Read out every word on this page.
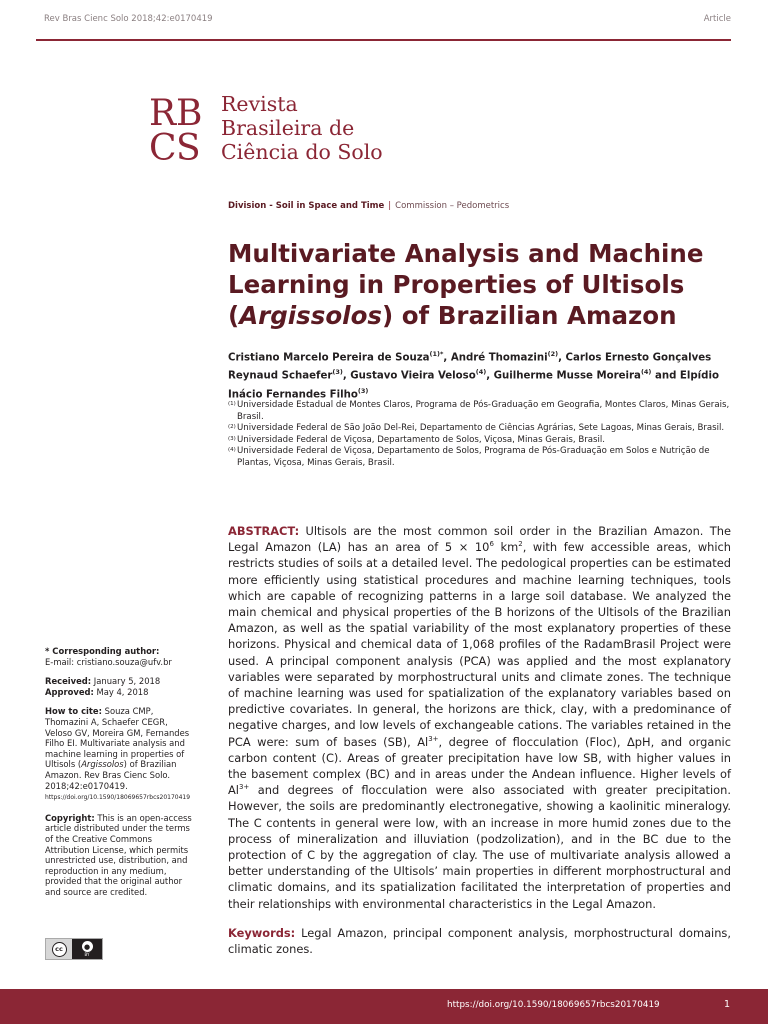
Rev Bras Cienc Solo 2018;42:e0170419	Article
R B
C S
Revista
Brasileira de
Ciência do Solo
Division - Soil in Space and Time | Commission – Pedometrics
Multivariate Analysis and Machine Learning in Properties of Ultisols (Argissolos) of Brazilian Amazon
Cristiano Marcelo Pereira de Souza$^{(1)*}$, André Thomazini$^{(2)}$, Carlos Ernesto Gonçalves Reynaud Schaefer$^{(3)}$, Gustavo Vieira Veloso$^{(4)}$, Guilherme Musse Moreira$^{(4)}$ and Elpídio Inácio Fernandes Filho$^{(3)}$
(1) Universidade Estadual de Montes Claros, Programa de Pós-Graduação em Geografia, Montes Claros, Minas Gerais, Brasil.
(2) Universidade Federal de São João Del-Rei, Departamento de Ciências Agrárias, Sete Lagoas, Minas Gerais, Brasil.
(3) Universidade Federal de Viçosa, Departamento de Solos, Viçosa, Minas Gerais, Brasil.
(4) Universidade Federal de Viçosa, Departamento de Solos, Programa de Pós-Graduação em Solos e Nutrição de Plantas, Viçosa, Minas Gerais, Brasil.
ABSTRACT: Ultisols are the most common soil order in the Brazilian Amazon. The Legal Amazon (LA) has an area of $5 \times 10^6$ $km^2$, with few accessible areas, which restricts studies of soils at a detailed level. The pedological properties can be estimated more efficiently using statistical procedures and machine learning techniques, tools which are capable of recognizing patterns in a large soil database. We analyzed the main chemical and physical properties of the B horizons of the Ultisols of the Brazilian Amazon, as well as the spatial variability of the most explanatory properties of these horizons. Physical and chemical data of 1,068 profiles of the RadamBrasil Project were used. A principal component analysis (PCA) was applied and the most explanatory variables were separated by morphostructural units and climate zones. The technique of machine learning was used for spatialization of the explanatory variables based on predictive covariates. In general, the horizons are thick, clay, with a predominance of negative charges, and low levels of exchangeable cations. The variables retained in the PCA were: sum of bases (SB), $Al^{3+}$, degree of flocculation (Floc), ΔpH, and organic carbon content (C). Areas of greater precipitation have low SB, with higher values in the basement complex (BC) and in areas under the Andean influence. Higher levels of $Al^{3+}$ and degrees of flocculation were also associated with greater precipitation. However, the soils are predominantly electronegative, showing a kaolinitic mineralogy. The C contents in general were low, with an increase in more humid zones due to the process of mineralization and illuviation (podzolization), and in the BC due to the protection of C by the aggregation of clay. The use of multivariate analysis allowed a better understanding of the Ultisols’ main properties in different morphostructural and climatic domains, and its spatialization facilitated the interpretation of properties and their relationships with environmental characteristics in the Legal Amazon.
Keywords: Legal Amazon, principal component analysis, morphostructural domains, climatic zones.
* Corresponding author:
E-mail: cristiano.souza@ufv.br
Received: January 5, 2018
Approved: May 4, 2018
How to cite: Souza CMP, Thomazini A, Schaefer CEGR, Veloso GV, Moreira GM, Fernandes Filho EI. Multivariate analysis and machine learning in properties of Ultisols (Argissolos) of Brazilian Amazon. Rev Bras Cienc Solo. 2018;42:e0170419.
https://doi.org/10.1590/18069657rbcs20170419
Copyright: This is an open-access article distributed under the terms of the Creative Commons Attribution License, which permits unrestricted use, distribution, and reproduction in any medium, provided that the original author and source are credited.
cc	●
BY
https://doi.org/10.1590/18069657rbcs20170419	1
